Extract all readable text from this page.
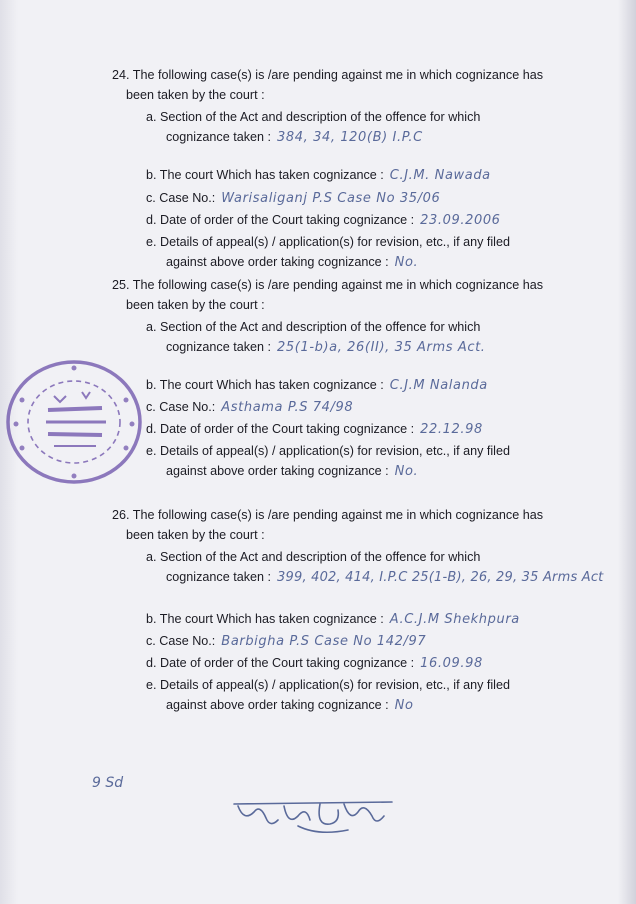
24. The following case(s) is /are pending against me in which cognizance has
been taken by the court :
a. Section of the Act and description of the offence for which
cognizance taken : 384, 34, 120(B) I.P.C
b. The court Which has taken cognizance : C.J.M. Nawada
c. Case No.: Warisaliganj P.S Case No 35/06
d. Date of order of the Court taking cognizance : 23.09.2006
e. Details of appeal(s) / application(s) for revision, etc., if any filed
against above order taking cognizance : No.
25. The following case(s) is /are pending against me in which cognizance has
been taken by the court :
a. Section of the Act and description of the offence for which
cognizance taken : 25(1-b)a, 26(II), 35 Arms Act.
b. The court Which has taken cognizance : C.J.M Nalanda
c. Case No.: Asthama P.S 74/98
d. Date of order of the Court taking cognizance : 22.12.98
e. Details of appeal(s) / application(s) for revision, etc., if any filed
against above order taking cognizance : No.
26. The following case(s) is /are pending against me in which cognizance has
been taken by the court :
a. Section of the Act and description of the offence for which
cognizance taken : 399, 402, 414, I.P.C 25(1-B), 26, 29, 35 Arms Act
b. The court Which has taken cognizance : A.C.J.M Shekhpura
c. Case No.: Barbigha P.S Case No 142/97
d. Date of order of the Court taking cognizance : 16.09.98
e. Details of appeal(s) / application(s) for revision, etc., if any filed
against above order taking cognizance : No
9 Sd
